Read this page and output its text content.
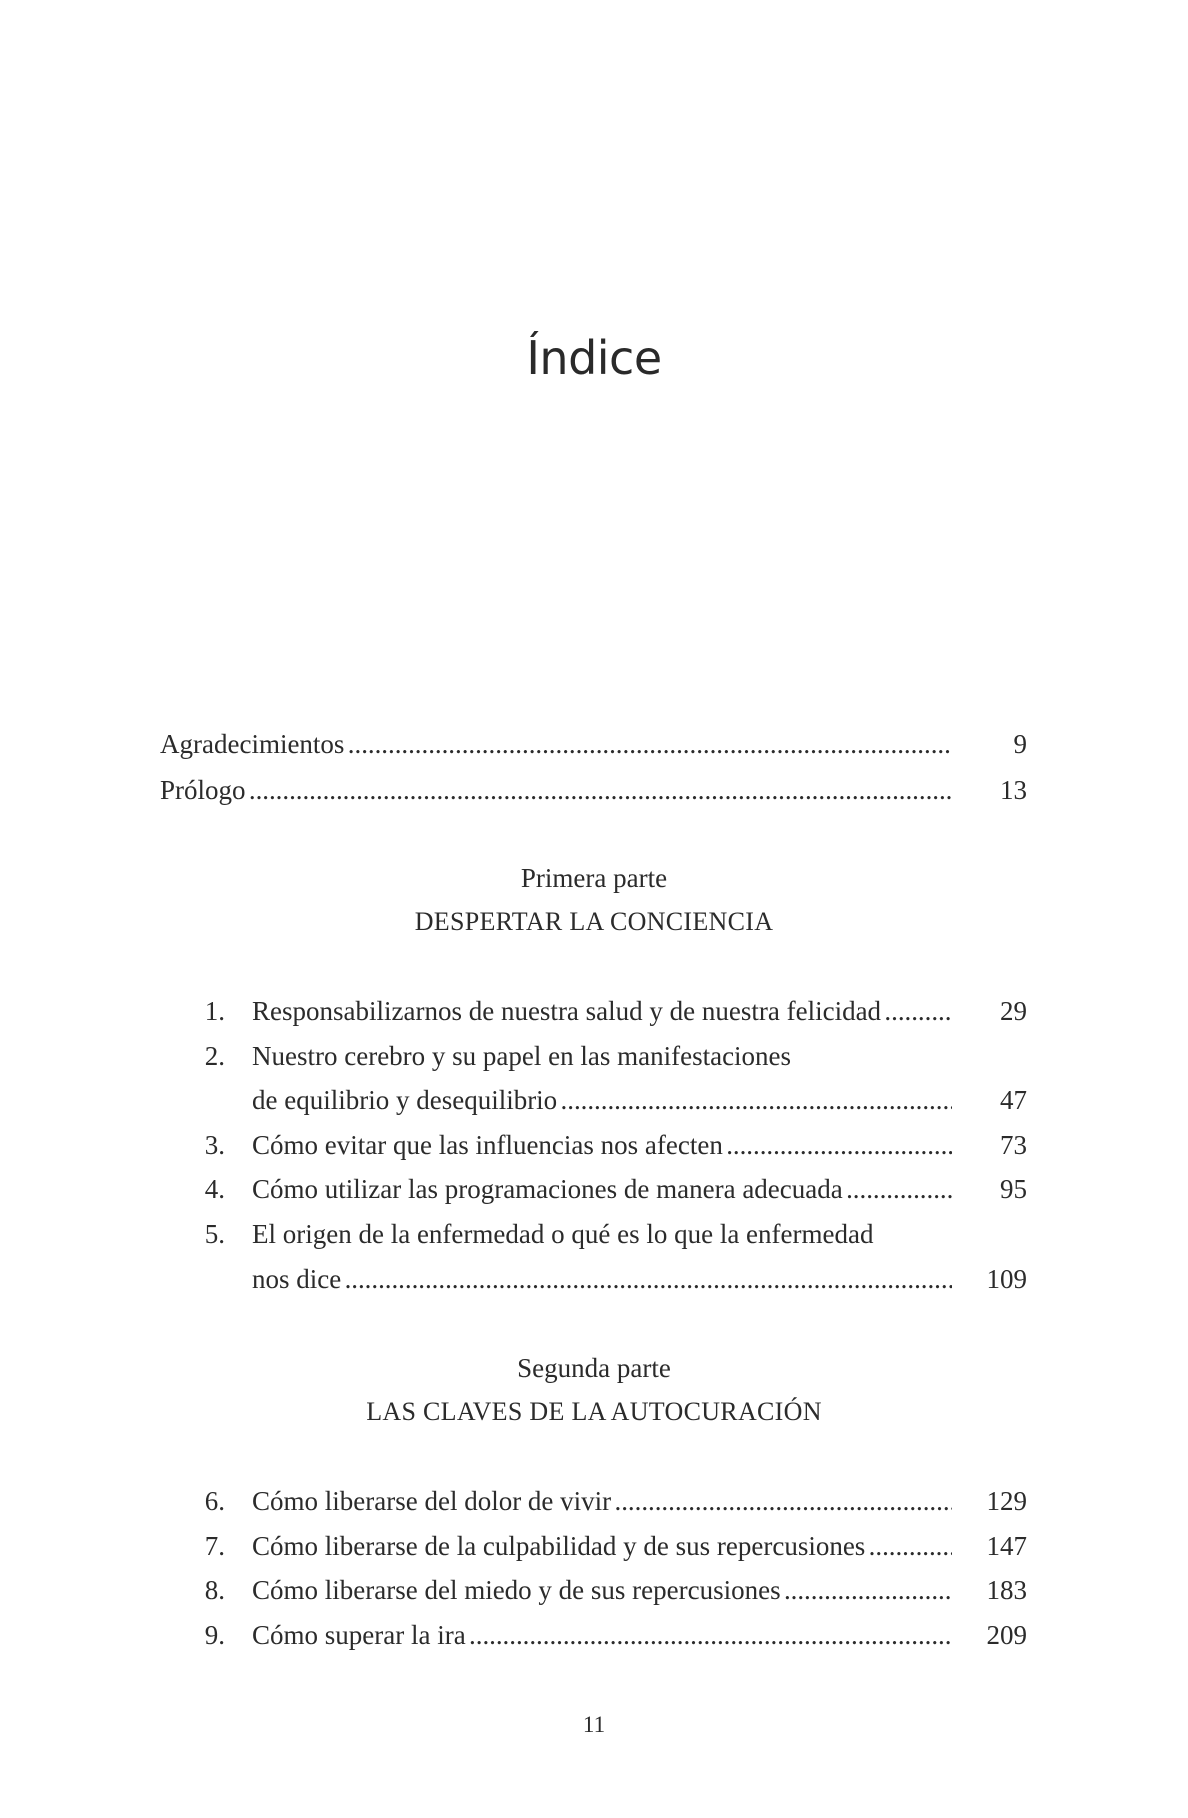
Índice
Agradecimientos . . .	9
Prólogo . . .	13
Primera parte
DESPERTAR LA CONCIENCIA
1. Responsabilizarnos de nuestra salud y de nuestra felicidad . . .	29
2. Nuestro cerebro y su papel en las manifestaciones
de equilibrio y desequilibrio . . .	47
3. Cómo evitar que las influencias nos afecten . . .	73
4. Cómo utilizar las programaciones de manera adecuada . . .	95
5. El origen de la enfermedad o qué es lo que la enfermedad
nos dice . . .	109
Segunda parte
LAS CLAVES DE LA AUTOCURACIÓN
6. Cómo liberarse del dolor de vivir . . .	129
7. Cómo liberarse de la culpabilidad y de sus repercusiones . . .	147
8. Cómo liberarse del miedo y de sus repercusiones . . .	183
9. Cómo superar la ira . . .	209
11
